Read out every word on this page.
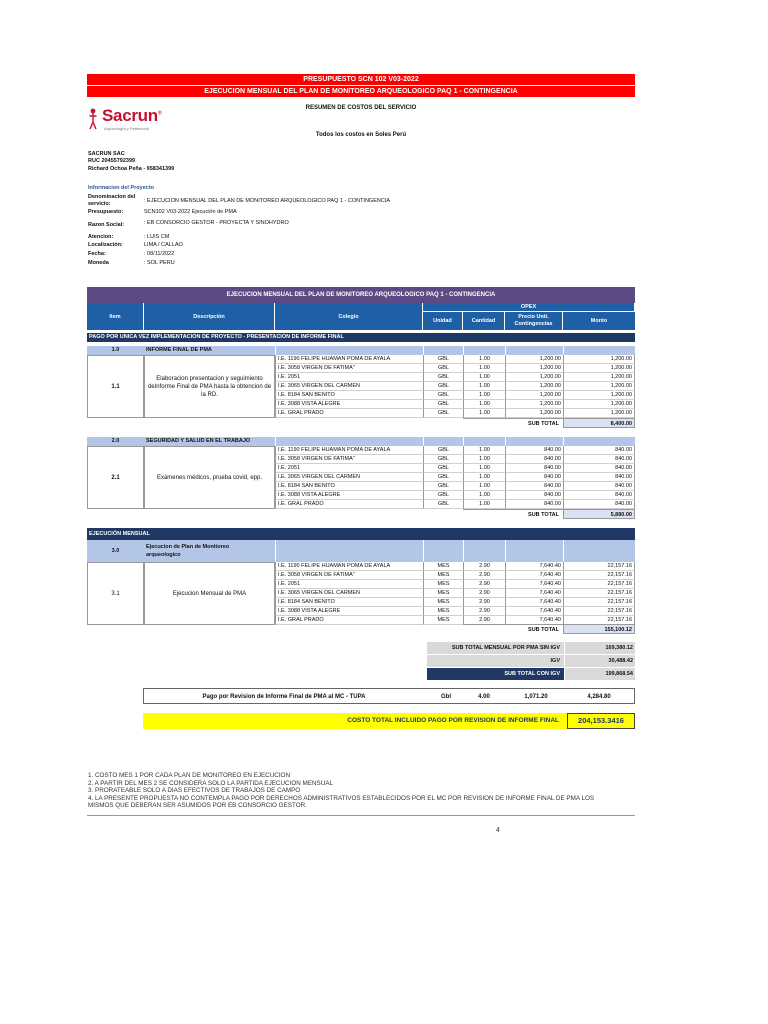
PRESUPUESTO SCN 102 V03-2022
EJECUCION MENSUAL DEL PLAN DE MONITOREO ARQUEOLOGICO PAQ 1 - CONTINGENCIA
Sacrun®
Arqueología y Patrimonio
RESUMEN DE COSTOS DEL SERVICIO
Todos los costos en Soles Perú
SACRUN SAC
RUC 20455792399
Richard Ochoa Peña - 958341399
Informacion del Proyecto
Denominacion del
servicio:	: EJECUCION MENSUAL DEL PLAN DE MONITOREO ARQUEOLOGICO PAQ 1 - CONTINGENCIA
Presupuesto:	SCN102 V03-2022 Ejecución de PMA
Razon Social:	: EB CONSORCIO GESTOR - PROYECTA Y SINOHYDRO
Atencion:	: LUIS CM
Localización:	LIMA / CALLAO
Fecha:	: 08/11/2022
Moneda	: SOL PERU
EJECUCION MENSUAL DEL PLAN DE MONITOREO ARQUEOLOGICO PAQ 1 - CONTINGENCIA
Item	Descripción	Colegio
OPEX
Unidad	Cantidad
Precio Unit.
Contingencias	Monto
PAGO POR UNICA VEZ IMPLEMENTACION DE PROYECTO - PRESENTACION DE INFORME FINAL
1.0	INFORME FINAL DE PMA
1.1
Elaboracion presentacion y seguimiento deInforme Final de PMA hasta la obtencion de la RD.
I.E. 1190 FELIPE HUAMAN POMA DE AYALA	GBL	1.00	1,200.00	1,200.00
I.E. 3058 VIRGEN DE FATIMA"	GBL	1.00	1,200.00	1,200.00
I.E. 2051	GBL	1.00	1,200.00	1,200.00
I.E. 3065 VIRGEN DEL CARMEN	GBL	1.00	1,200.00	1,200.00
I.E. 8184 SAN BENITO	GBL	1.00	1,200.00	1,200.00
I.E. 3088 VISTA ALEGRE	GBL	1.00	1,200.00	1,200.00
I.E. GRAL PRADO	GBL	1.00	1,200.00	1,200.00
SUB TOTAL	8,400.00
2.0	SEGURIDAD Y SALUD EN EL TRABAJO
2.1	Exámenes médicos, prueba covid, epp.
I.E. 1190 FELIPE HUAMAN POMA DE AYALA	GBL	1.00	840.00	840.00
I.E. 3058 VIRGEN DE FATIMA"	GBL	1.00	840.00	840.00
I.E. 2051	GBL	1.00	840.00	840.00
I.E. 3065 VIRGEN DEL CARMEN	GBL	1.00	840.00	840.00
I.E. 8184 SAN BENITO	GBL	1.00	840.00	840.00
I.E. 3088 VISTA ALEGRE	GBL	1.00	840.00	840.00
I.E. GRAL PRADO	GBL	1.00	840.00	840.00
SUB TOTAL	5,880.00
EJECUCIÓN MENSUAL
3.0
Ejecucion de Plan de Monitoreo arqueologico
3.1	Ejecucion Mensual de PMA
I.E. 1190 FELIPE HUAMAN POMA DE AYALA	MES	2.90	7,640.40	22,157.16
I.E. 3058 VIRGEN DE FATIMA"	MES	2.90	7,640.40	22,157.16
I.E. 2051	MES	2.90	7,640.40	22,157.16
I.E. 3065 VIRGEN DEL CARMEN	MES	2.90	7,640.40	22,157.16
I.E. 8184 SAN BENITO	MES	2.90	7,640.40	22,157.16
I.E. 3088 VISTA ALEGRE	MES	2.90	7,640.40	22,157.16
I.E. GRAL PRADO	MES	2.90	7,640.40	22,157.16
SUB TOTAL	155,100.12
SUB TOTAL MENSUAL POR PMA SIN IGV	169,380.12
IGV	30,488.42
SUB TOTAL CON IGV	199,868.54
Pago por Revision de Informe Final de PMA al MC - TUPA	Gbl	4.00	1,071.20	4,284.80
COSTO TOTAL INCLUIDO PAGO POR REVISION DE INFORME FINAL	204,153.3416
1. COSTO MES 1 POR CADA PLAN DE MONITOREO EN EJECUCION
2. A PARTIR DEL MES 2 SE CONSIDERA SOLO LA PARTIDA EJECUCION MENSUAL
3. PRORATEABLE SOLO A DIAS EFECTIVOS DE TRABAJOS DE CAMPO
4. LA PRESENTE PROPUESTA NO CONTEMPLA PAGO POR DERECHOS ADMINISTRATIVOS ESTABLECIDOS POR EL MC POR REVISION DE INFORME FINAL DE PMA LOS
MISMOS QUE DEBERAN SER ASUMIDOS POR EB CONSORCIO GESTOR.
4
